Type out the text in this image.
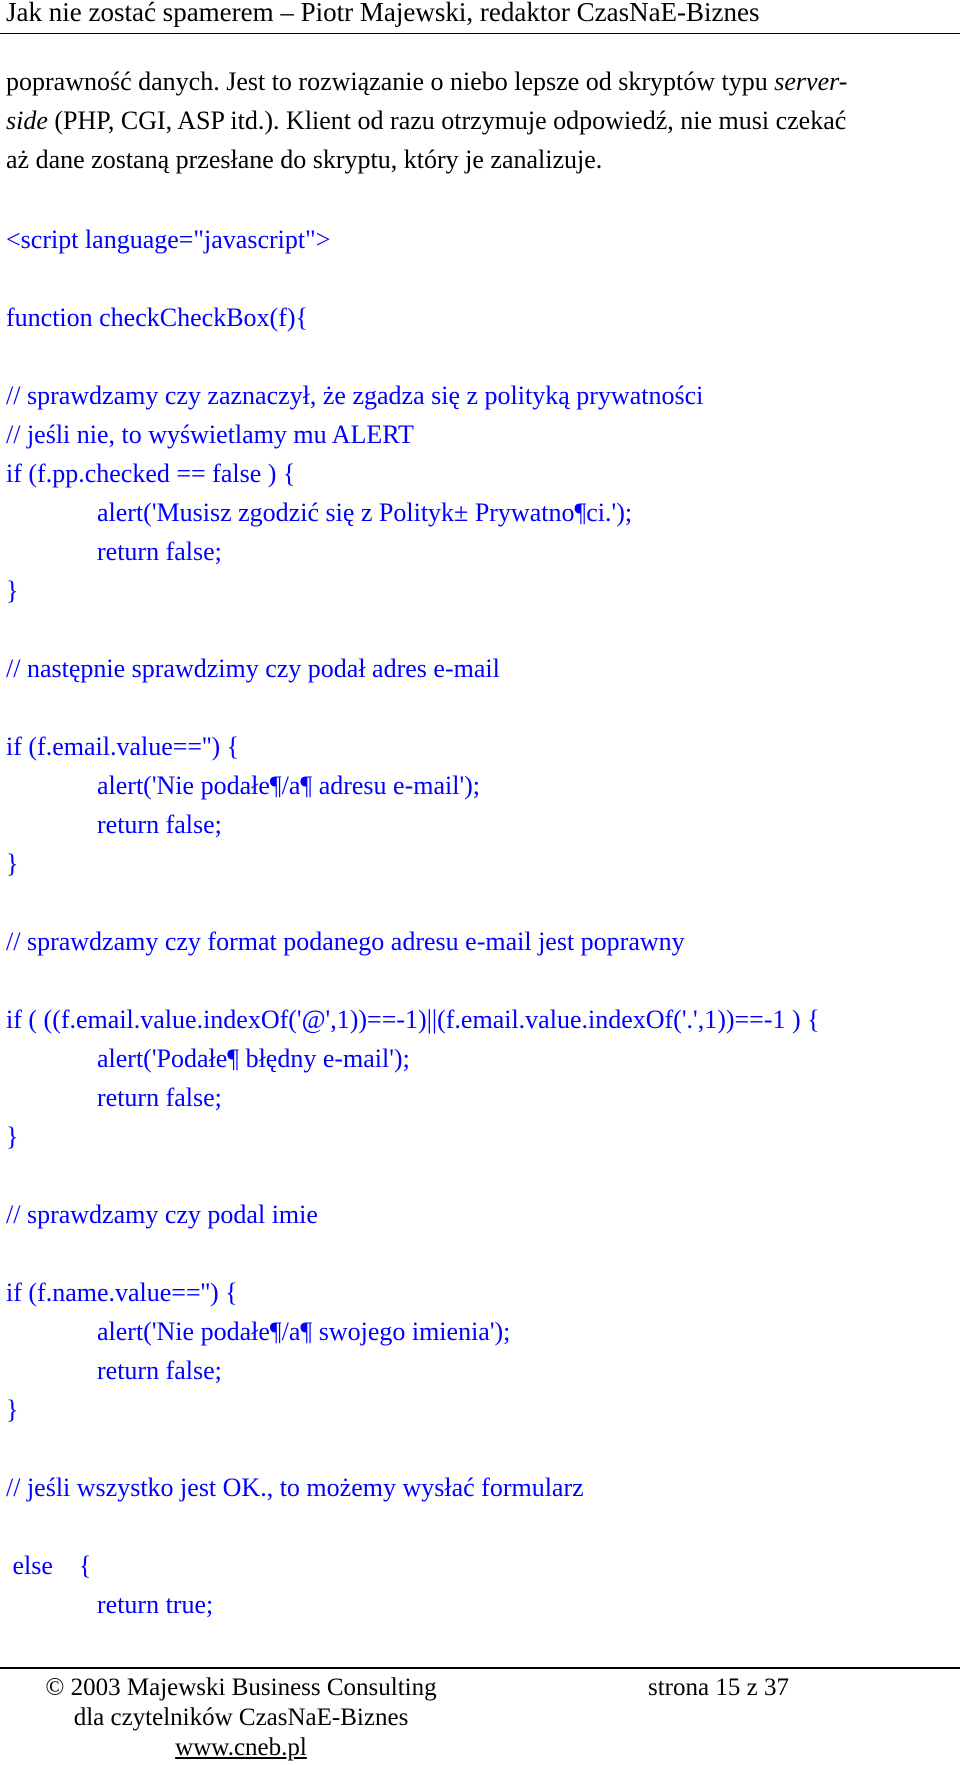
Jak nie zostać spamerem – Piotr Majewski, redaktor CzasNaE-Biznes
poprawność danych. Jest to rozwiązanie o niebo lepsze od skryptów typu server-
side (PHP, CGI, ASP itd.). Klient od razu otrzymuje odpowiedź, nie musi czekać
aż dane zostaną przesłane do skryptu, który je zanalizuje.
<script language="javascript">
function checkCheckBox(f){
// sprawdzamy czy zaznaczył, że zgadza się z polityką prywatności
// jeśli nie, to wyświetlamy mu ALERT
if (f.pp.checked == false ) {
alert('Musisz zgodzić się z Polityk± Prywatno¶ci.');
return false;
}
// następnie sprawdzimy czy podał adres e-mail
if (f.email.value=='') {
alert('Nie podałe¶/a¶ adresu e-mail');
return false;
}
// sprawdzamy czy format podanego adresu e-mail jest poprawny
if ( ((f.email.value.indexOf('@',1))==-1)||(f.email.value.indexOf('.',1))==-1 ) {
alert('Podałe¶ błędny e-mail');
return false;
}
// sprawdzamy czy podal imie
if (f.name.value=='') {
alert('Nie podałe¶/a¶ swojego imienia');
return false;
}
// jeśli wszystko jest OK., to możemy wysłać formularz
else    {
return true;
© 2003 Majewski Business Consulting
dla czytelników CzasNaE-Biznes
www.cneb.pl
strona 15 z 37
